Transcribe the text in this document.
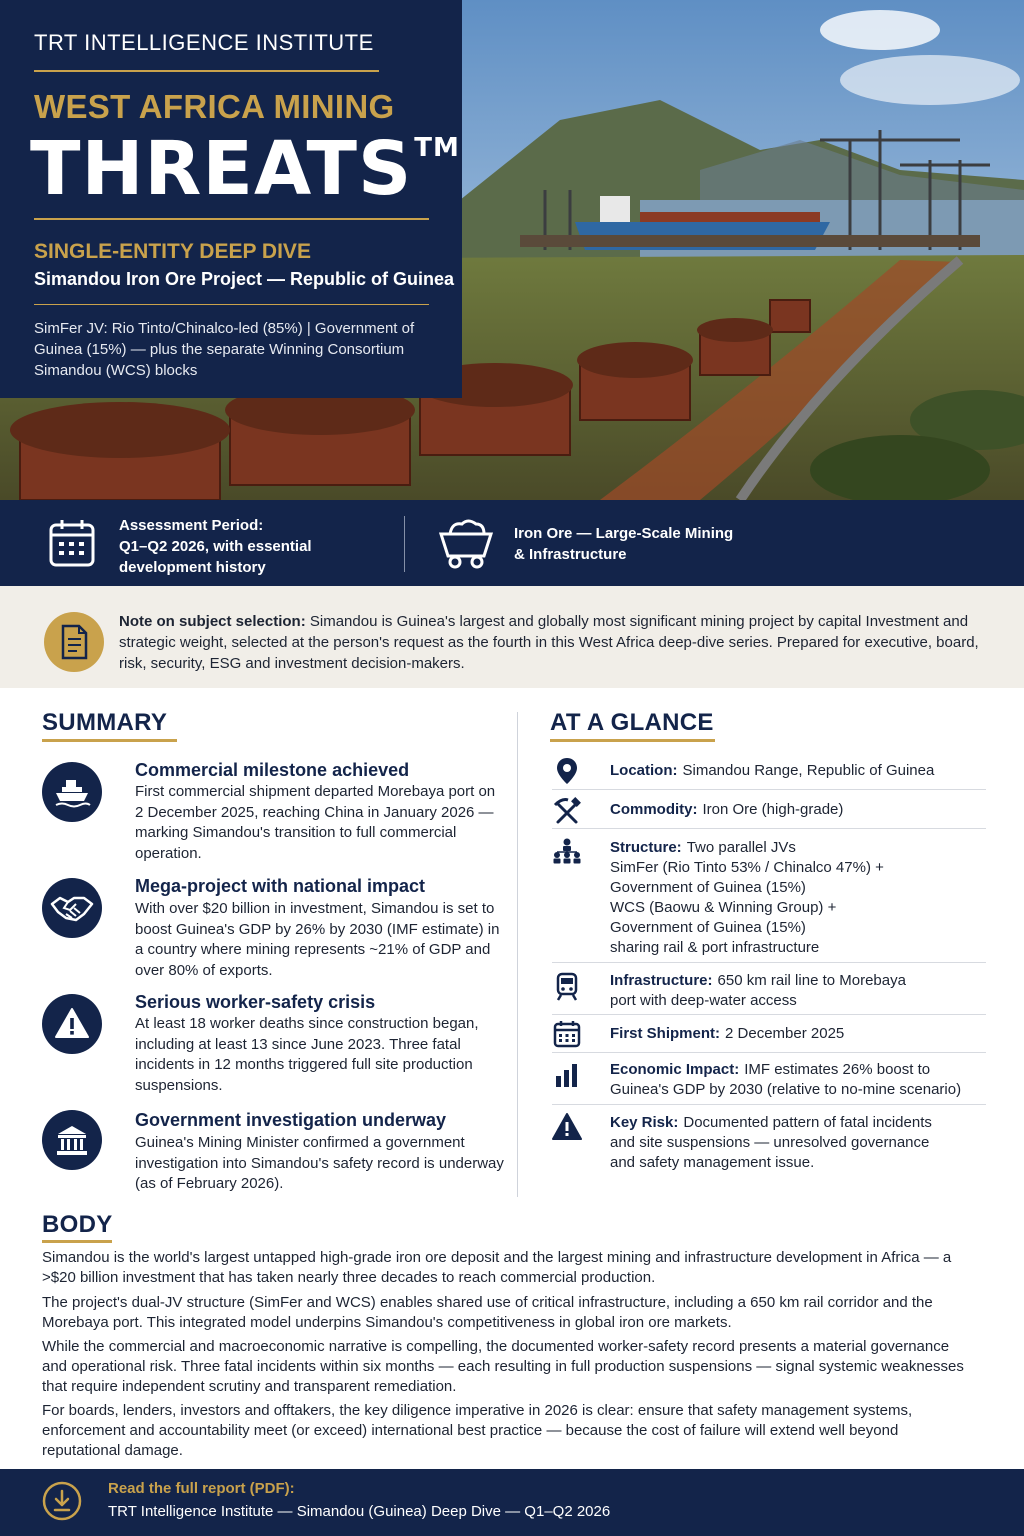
TRT INTELLIGENCE INSTITUTE
WEST AFRICA MINING
THREATS™
SINGLE-ENTITY DEEP DIVE
Simandou Iron Ore Project — Republic of Guinea
SimFer JV: Rio Tinto/Chinalco-led (85%) | Government of Guinea (15%) — plus the separate Winning Consortium Simandou (WCS) blocks
Assessment Period:
Q1–Q2 2026, with essential development history
Iron Ore — Large-Scale Mining
& Infrastructure
Note on subject selection: Simandou is Guinea's largest and globally most significant mining project by capital Investment and strategic weight, selected at the person's request as the fourth in this West Africa deep-dive series. Prepared for executive, board, risk, security, ESG and investment decision-makers.
SUMMARY
Commercial milestone achieved
First commercial shipment departed Morebaya port on 2 December 2025, reaching China in January 2026 — marking Simandou's transition to full commercial operation.
Mega-project with national impact
With over $20 billion in investment, Simandou is set to boost Guinea's GDP by 26% by 2030 (IMF estimate) in a country where mining represents ~21% of GDP and over 80% of exports.
Serious worker-safety crisis
At least 18 worker deaths since construction began, including at least 13 since June 2023. Three fatal incidents in 12 months triggered full site production suspensions.
Government investigation underway
Guinea's Mining Minister confirmed a government investigation into Simandou's safety record is underway (as of February 2026).
AT A GLANCE
Location: Simandou Range, Republic of Guinea
Commodity: Iron Ore (high-grade)
Structure: Two parallel JVs
SimFer (Rio Tinto 53% / Chinalco 47%) +
Government of Guinea (15%)
WCS (Baowu & Winning Group) +
Government of Guinea (15%)
sharing rail & port infrastructure
Infrastructure: 650 km rail line to Morebaya
port with deep-water access
First Shipment: 2 December 2025
Economic Impact: IMF estimates 26% boost to
Guinea's GDP by 2030 (relative to no-mine scenario)
Key Risk: Documented pattern of fatal incidents
and site suspensions — unresolved governance
and safety management issue.
BODY
Simandou is the world's largest untapped high-grade iron ore deposit and the largest mining and infrastructure development in Africa — a >$20 billion investment that has taken nearly three decades to reach commercial production.
The project's dual-JV structure (SimFer and WCS) enables shared use of critical infrastructure, including a 650 km rail corridor and the Morebaya port. This integrated model underpins Simandou's competitiveness in global iron ore markets.
While the commercial and macroeconomic narrative is compelling, the documented worker-safety record presents a material governance and operational risk. Three fatal incidents within six months — each resulting in full production suspensions — signal systemic weaknesses that require independent scrutiny and transparent remediation.
For boards, lenders, investors and offtakers, the key diligence imperative in 2026 is clear: ensure that safety management systems, enforcement and accountability meet (or exceed) international best practice — because the cost of failure will extend well beyond reputational damage.
Read the full report (PDF):
TRT Intelligence Institute — Simandou (Guinea) Deep Dive — Q1–Q2 2026
